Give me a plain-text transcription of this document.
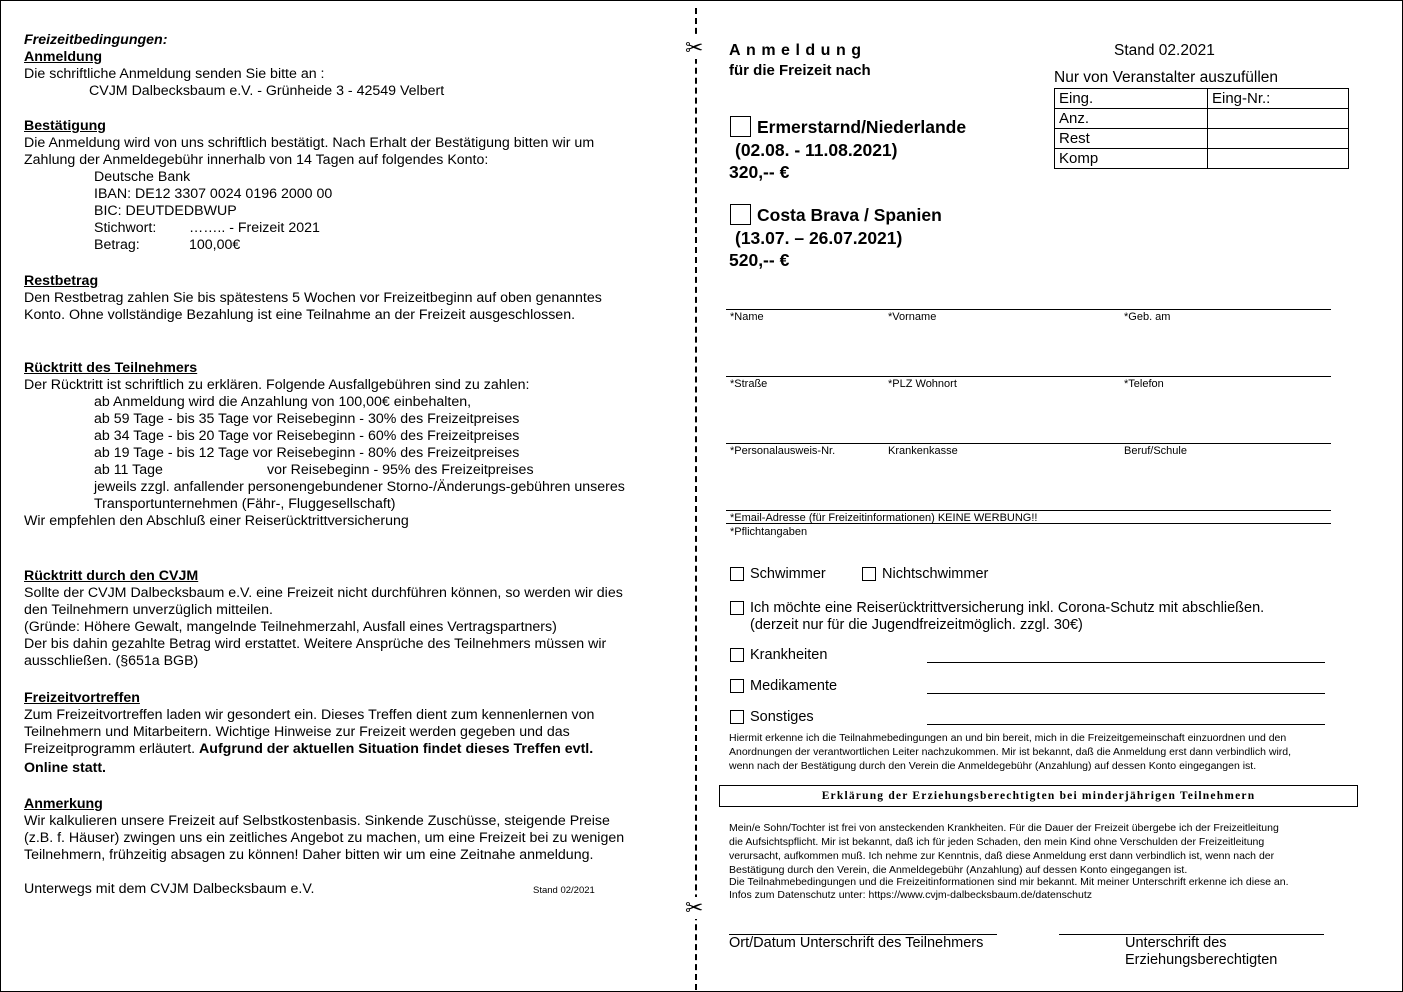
✂
✂
Freizeitbedingungen:
Anmeldung
Die schriftliche Anmeldung senden Sie bitte an :
CVJM Dalbecksbaum e.V. - Grünheide 3 - 42549 Velbert
Bestätigung
Die Anmeldung wird von uns schriftlich bestätigt. Nach Erhalt der Bestätigung bitten wir um
Zahlung der Anmeldegebühr innerhalb von 14 Tagen auf folgendes Konto:
Deutsche Bank
IBAN: DE12 3307 0024 0196 2000 00
BIC: DEUTDEDBWUP
Stichwort: …….. - Freizeit 2021
Betrag:	100,00€
Restbetrag
Den Restbetrag zahlen Sie bis spätestens 5 Wochen vor Freizeitbeginn auf oben genanntes
Konto. Ohne vollständige Bezahlung ist eine Teilnahme an der Freizeit ausgeschlossen.
Rücktritt des Teilnehmers
Der Rücktritt ist schriftlich zu erklären. Folgende Ausfallgebühren sind zu zahlen:
ab Anmeldung wird die Anzahlung von 100,00€ einbehalten,
ab 59 Tage - bis 35 Tage vor Reisebeginn - 30% des Freizeitpreises
ab 34 Tage - bis 20 Tage vor Reisebeginn - 60% des Freizeitpreises
ab 19 Tage - bis 12 Tage vor Reisebeginn - 80% des Freizeitpreises
ab 11 Tage	vor Reisebeginn - 95% des Freizeitpreises
jeweils zzgl. anfallender personengebundener Storno-/Änderungs-gebühren unseres
Transportunternehmen (Fähr-, Fluggesellschaft)
Wir empfehlen den Abschluß einer Reiserücktrittversicherung
Rücktritt durch den CVJM
Sollte der CVJM Dalbecksbaum e.V. eine Freizeit nicht durchführen können, so werden wir dies
den Teilnehmern unverzüglich mitteilen.
(Gründe: Höhere Gewalt, mangelnde Teilnehmerzahl, Ausfall eines Vertragspartners)
Der bis dahin gezahlte Betrag wird erstattet. Weitere Ansprüche des Teilnehmers müssen wir
ausschließen. (§651a BGB)
Freizeitvortreffen
Zum Freizeitvortreffen laden wir gesondert ein. Dieses Treffen dient zum kennenlernen von
Teilnehmern und Mitarbeitern. Wichtige Hinweise zur Freizeit werden gegeben und das
Freizeitprogramm erläutert. Aufgrund der aktuellen Situation findet dieses Treffen evtl.
Online statt.
Anmerkung
Wir kalkulieren unsere Freizeit auf Selbstkostenbasis. Sinkende Zuschüsse, steigende Preise
(z.B. f. Häuser) zwingen uns ein zeitliches Angebot zu machen, um eine Freizeit bei zu wenigen
Teilnehmern, frühzeitig absagen zu können! Daher bitten wir um eine Zeitnahe anmeldung.
Unterwegs mit dem CVJM Dalbecksbaum e.V.	Stand 02/2021
Anmeldung
für die Freizeit nach
Stand 02.2021
Nur von Veranstalter auszufüllen
Eing.	Eing-Nr.:
Anz.	
Rest	
Komp	
Ermerstarnd/Niederlande
(02.08. - 11.08.2021)
320,-- €
Costa Brava / Spanien
(13.07. – 26.07.2021)
520,-- €
*Name	*Vorname	*Geb. am
*Straße	*PLZ Wohnort	*Telefon
*Personalausweis-Nr.	Krankenkasse	Beruf/Schule
*Email-Adresse (für Freizeitinformationen) KEINE WERBUNG!!
*Pflichtangaben
Schwimmer	Nichtschwimmer
Ich möchte eine Reiserücktrittversicherung inkl. Corona-Schutz mit abschließen.
(derzeit nur für die Jugendfreizeitmöglich. zzgl. 30€)
Krankheiten
Medikamente
Sonstiges
Hiermit erkenne ich die Teilnahmebedingungen an und bin bereit, mich in die Freizeitgemeinschaft einzuordnen und den
Anordnungen der verantwortlichen Leiter nachzukommen. Mir ist bekannt, daß die Anmeldung erst dann verbindlich wird,
wenn nach der Bestätigung durch den Verein die Anmeldegebühr (Anzahlung) auf dessen Konto eingegangen ist.
Erklärung der Erziehungsberechtigten bei minderjährigen Teilnehmern
Mein/e Sohn/Tochter ist frei von ansteckenden Krankheiten. Für die Dauer der Freizeit übergebe ich der Freizeitleitung
die Aufsichtspflicht. Mir ist bekannt, daß ich für jeden Schaden, den mein Kind ohne Verschulden der Freizeitleitung
verursacht, aufkommen muß. Ich nehme zur Kenntnis, daß diese Anmeldung erst dann verbindlich ist, wenn nach der
Bestätigung durch den Verein, die Anmeldegebühr (Anzahlung) auf dessen Konto eingegangen ist.
Die Teilnahmebedingungen und die Freizeitinformationen sind mir bekannt. Mit meiner Unterschrift erkenne ich diese an.
Infos zum Datenschutz unter: https://www.cvjm-dalbecksbaum.de/datenschutz
Ort/Datum Unterschrift des Teilnehmers	Unterschrift des
Erziehungsberechtigten
